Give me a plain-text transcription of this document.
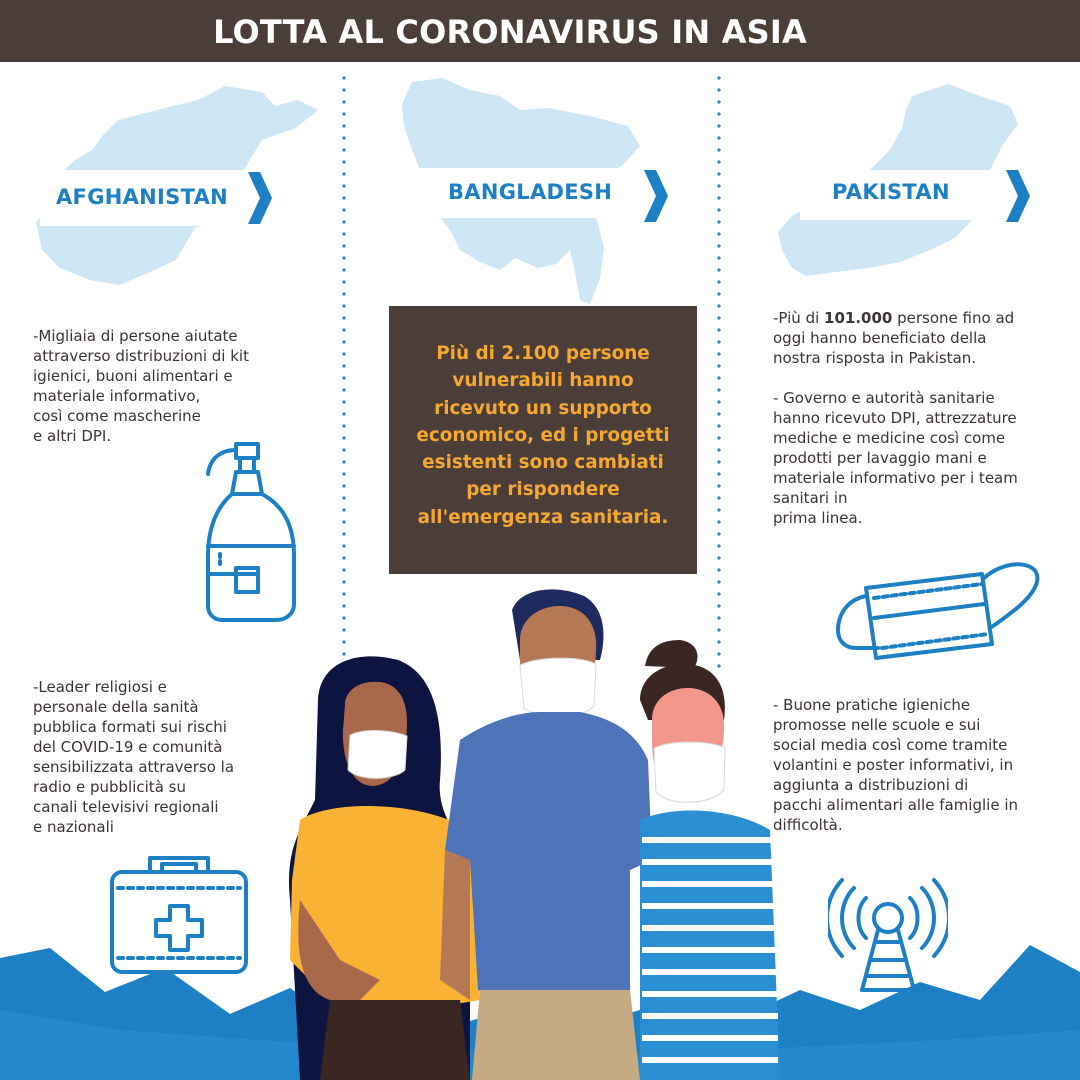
LOTTA AL CORONAVIRUS IN ASIA
AFGHANISTAN	BANGLADESH	PAKISTAN
-Migliaia di persone aiutate
attraverso distribuzioni di kit
igienici, buoni alimentari e
materiale informativo,
così come mascherine
e altri DPI.
-Leader religiosi e
personale della sanità
pubblica formati sui rischi
del COVID-19 e comunità
sensibilizzata attraverso la
radio e pubblicità su
canali televisivi regionali
e nazionali
Più di 2.100 persone
vulnerabili hanno
ricevuto un supporto
economico, ed i progetti
esistenti sono cambiati
per rispondere
all'emergenza sanitaria.
-Più di 101.000 persone fino ad
oggi hanno beneficiato della
nostra risposta in Pakistan.
- Governo e autorità sanitarie
hanno ricevuto DPI, attrezzature
mediche e medicine così come
prodotti per lavaggio mani e
materiale informativo per i team
sanitari in
prima linea.
- Buone pratiche igieniche
promosse nelle scuole e sui
social media così come tramite
volantini e poster informativi, in
aggiunta a distribuzioni di
pacchi alimentari alle famiglie in
difficoltà.
